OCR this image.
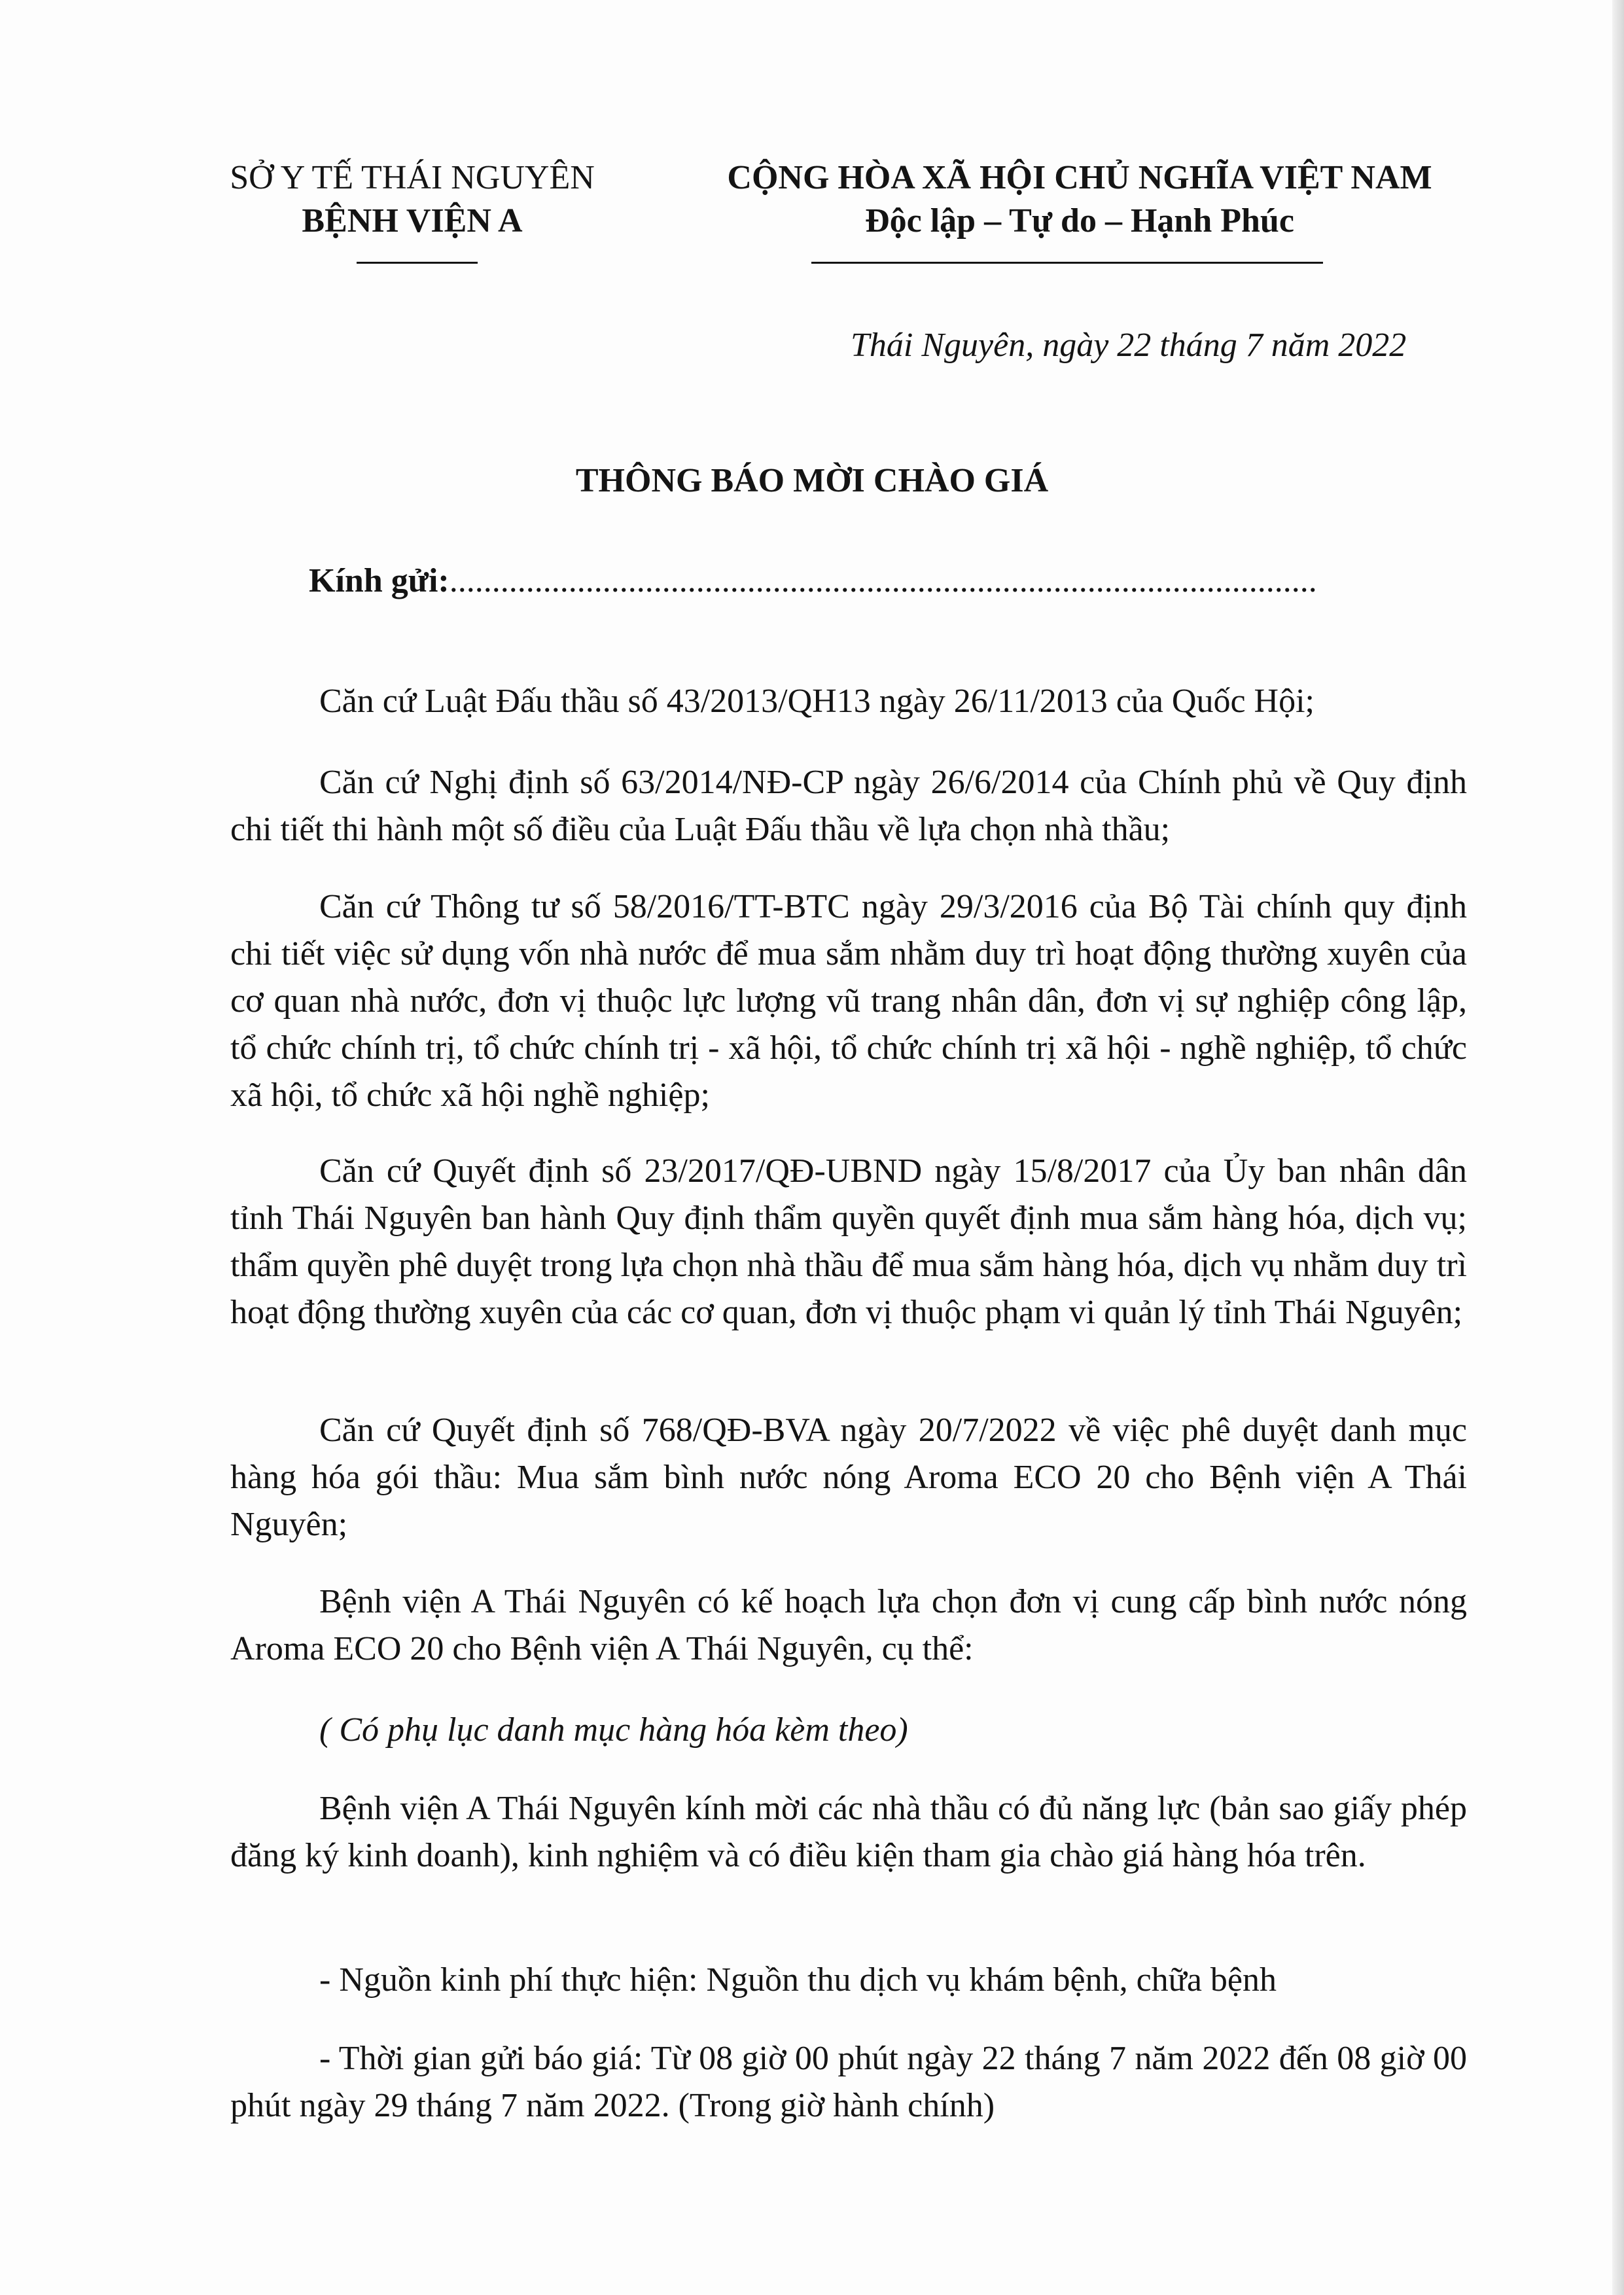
SỞ Y TẾ THÁI NGUYÊN
BỆNH VIỆN A
CỘNG HÒA XÃ HỘI CHỦ NGHĨA VIỆT NAM
Độc lập – Tự do – Hạnh Phúc
Thái Nguyên, ngày 22 tháng 7 năm 2022
THÔNG BÁO MỜI CHÀO GIÁ
Kính gửi:......................................................................................................
Căn cứ Luật Đấu thầu số 43/2013/QH13 ngày 26/11/2013 của Quốc Hội;
Căn cứ Nghị định số 63/2014/NĐ-CP ngày 26/6/2014 của Chính phủ về Quy định chi tiết thi hành một số điều của Luật Đấu thầu về lựa chọn nhà thầu;
Căn cứ Thông tư số 58/2016/TT-BTC ngày 29/3/2016 của Bộ Tài chính quy định chi tiết việc sử dụng vốn nhà nước để mua sắm nhằm duy trì hoạt động thường xuyên của cơ quan nhà nước, đơn vị thuộc lực lượng vũ trang nhân dân, đơn vị sự nghiệp công lập, tổ chức chính trị, tổ chức chính trị - xã hội, tổ chức chính trị xã hội - nghề nghiệp, tổ chức xã hội, tổ chức xã hội nghề nghiệp;
Căn cứ Quyết định số 23/2017/QĐ-UBND ngày 15/8/2017 của Ủy ban nhân dân tỉnh Thái Nguyên ban hành Quy định thẩm quyền quyết định mua sắm hàng hóa, dịch vụ; thẩm quyền phê duyệt trong lựa chọn nhà thầu để mua sắm hàng hóa, dịch vụ nhằm duy trì hoạt động thường xuyên của các cơ quan, đơn vị thuộc phạm vi quản lý tỉnh Thái Nguyên;
Căn cứ Quyết định số 768/QĐ-BVA ngày 20/7/2022 về việc phê duyệt danh mục hàng hóa gói thầu: Mua sắm bình nước nóng Aroma ECO 20 cho Bệnh viện A Thái Nguyên;
Bệnh viện A Thái Nguyên có kế hoạch lựa chọn đơn vị cung cấp bình nước nóng Aroma ECO 20 cho Bệnh viện A Thái Nguyên, cụ thể:
( Có phụ lục danh mục hàng hóa kèm theo)
Bệnh viện A Thái Nguyên kính mời các nhà thầu có đủ năng lực (bản sao giấy phép đăng ký kinh doanh), kinh nghiệm và có điều kiện tham gia chào giá hàng hóa trên.
- Nguồn kinh phí thực hiện: Nguồn thu dịch vụ khám bệnh, chữa bệnh
- Thời gian gửi báo giá: Từ 08 giờ 00 phút ngày 22 tháng 7 năm 2022 đến 08 giờ 00 phút ngày 29 tháng 7 năm 2022. (Trong giờ hành chính)
